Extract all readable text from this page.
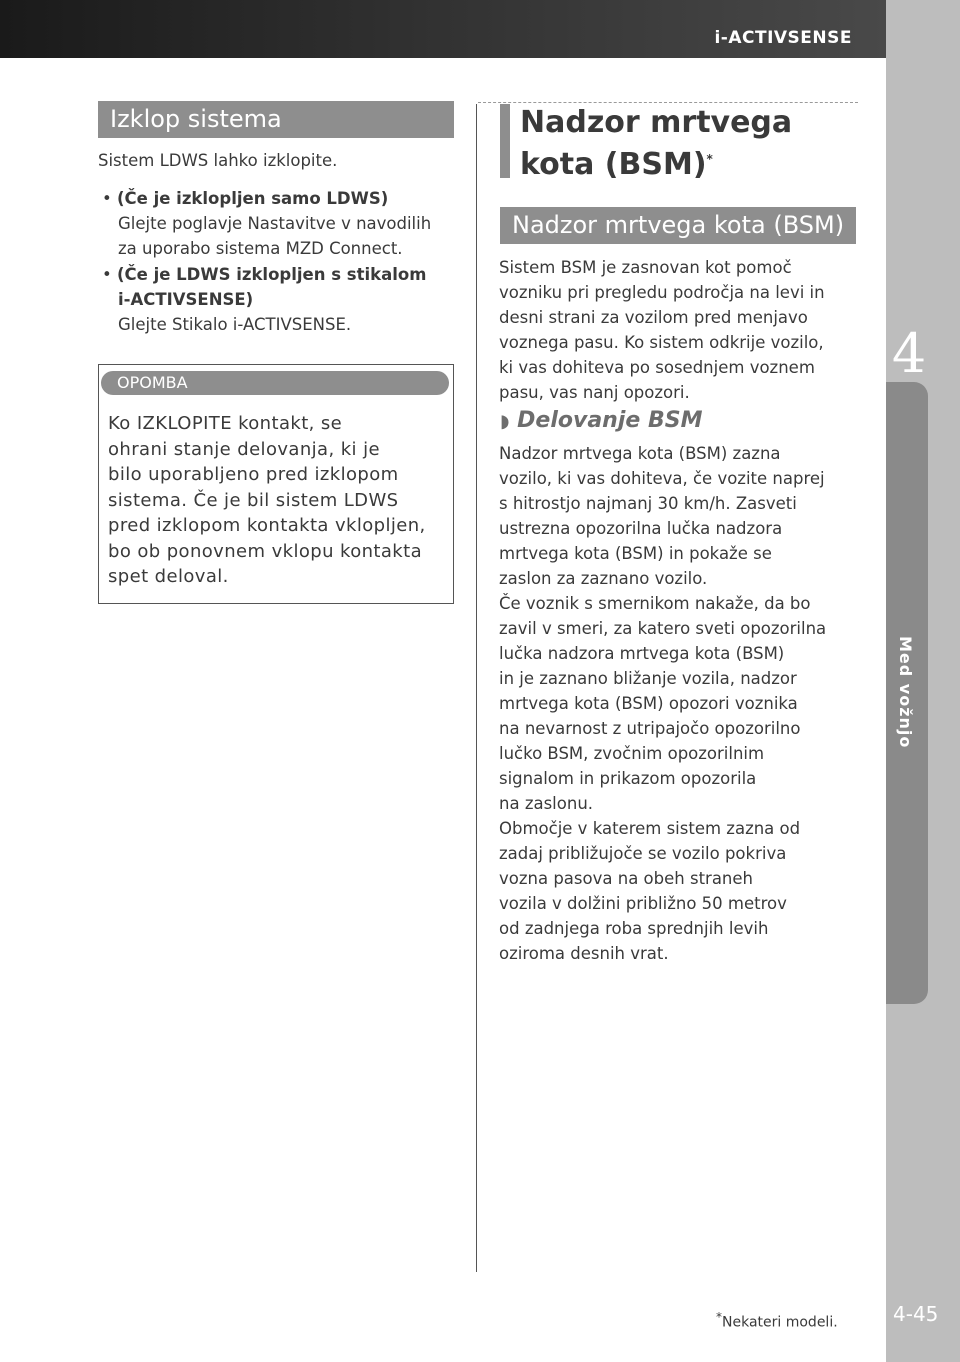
i-ACTIVSENSE
4
Med vožnjo
4-45
Izklop sistema
Sistem LDWS lahko izklopite.
• (Če je izklopljen samo LDWS)
Glejte poglavje Nastavitve v navodilih
za uporabo sistema MZD Connect.
• (Če je LDWS izklopljen s stikalom
i-ACTIVSENSE)
Glejte Stikalo i-ACTIVSENSE.
OPOMBA
Ko IZKLOPITE kontakt, se
ohrani stanje delovanja, ki je
bilo uporabljeno pred izklopom
sistema. Če je bil sistem LDWS
pred izklopom kontakta vklopljen,
bo ob ponovnem vklopu kontakta
spet deloval.
Nadzor mrtvega
kota (BSM)*
Nadzor mrtvega kota (BSM)
Sistem BSM je zasnovan kot pomoč
vozniku pri pregledu področja na levi in
desni strani za vozilom pred menjavo
voznega pasu. Ko sistem odkrije vozilo,
ki vas dohiteva po sosednjem voznem
pasu, vas nanj opozori.
◗ Delovanje BSM
Nadzor mrtvega kota (BSM) zazna
vozilo, ki vas dohiteva, če vozite naprej
s hitrostjo najmanj 30 km/h. Zasveti
ustrezna opozorilna lučka nadzora
mrtvega kota (BSM) in pokaže se
zaslon za zaznano vozilo.
Če voznik s smernikom nakaže, da bo
zavil v smeri, za katero sveti opozorilna
lučka nadzora mrtvega kota (BSM)
in je zaznano bližanje vozila, nadzor
mrtvega kota (BSM) opozori voznika
na nevarnost z utripajočo opozorilno
lučko BSM, zvočnim opozorilnim
signalom in prikazom opozorila
na zaslonu.
Območje v katerem sistem zazna od
zadaj približujoče se vozilo pokriva
vozna pasova na obeh straneh
vozila v dolžini približno 50 metrov
od zadnjega roba sprednjih levih
oziroma desnih vrat.
*Nekateri modeli.
